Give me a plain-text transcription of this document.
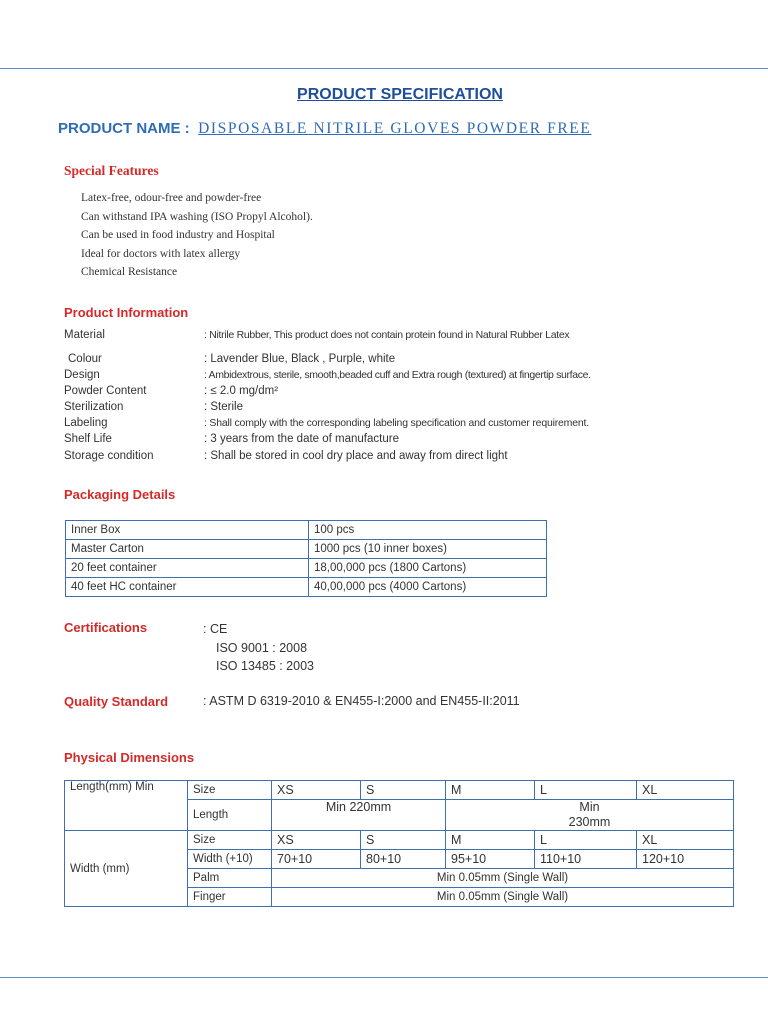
PRODUCT SPECIFICATION
PRODUCT NAME : DISPOSABLE NITRILE GLOVES POWDER FREE
Special Features
Latex-free, odour-free and powder-free
Can withstand IPA washing (ISO Propyl Alcohol).
Can be used in food industry and Hospital
Ideal for doctors with latex allergy
Chemical Resistance
Product Information
Material	: Nitrile Rubber, This product does not contain protein found in Natural Rubber Latex
Colour	: Lavender Blue, Black , Purple, white
Design	: Ambidextrous, sterile, smooth,beaded cuff and Extra rough (textured) at fingertip surface.
Powder Content	: ≤ 2.0 mg/dm²
Sterilization	: Sterile
Labeling	: Shall comply with the corresponding labeling specification and customer requirement.
Shelf Life	: 3 years from the date of manufacture
Storage condition	: Shall be stored in cool dry place and away from direct light
Packaging Details
Inner Box	100 pcs
Master Carton	1000 pcs (10 inner boxes)
20 feet container	18,00,000 pcs (1800 Cartons)
40 feet HC container	40,00,000 pcs (4000 Cartons)
Certifications	: CE
ISO 9001 : 2008
ISO 13485 : 2003
Quality Standard	: ASTM D 6319-2010 & EN455-I:2000 and EN455-II:2011
Physical Dimensions
Length(mm) Min	Size	XS	S	M	L	XL
	Length	Min 220mm		Min
230mm		

Width (mm)	Size	XS	S	M	L	XL
	Width (+10)	70+10	80+10	95+10	110+10	120+10
	Palm	Min 0.05mm (Single Wall)				
	Finger	Min 0.05mm (Single Wall)				
